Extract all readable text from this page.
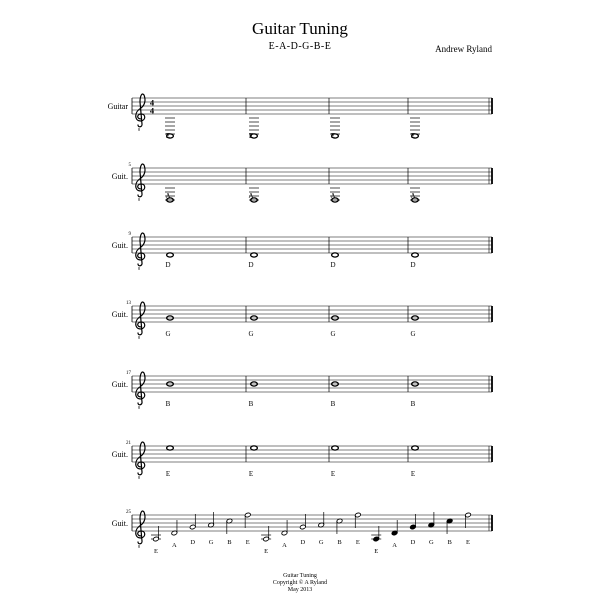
Guitar Tuning
E-A-D-G-B-E	Andrew Ryland
Guitar
8
4
4
E	E	E	E
Guit.
5
8	A	A	A	A
Guit.
9
8	D	D	D	D
Guit.
13
8	G	G	G	G
Guit.
17
8	B	B	B	B
Guit.
21
8	E	E	E	E
Guit.
25
8
E
A D G B E
E
A D G B E
E
A D G B E
Guitar Tuning
Copyright © A Ryland
May 2013
